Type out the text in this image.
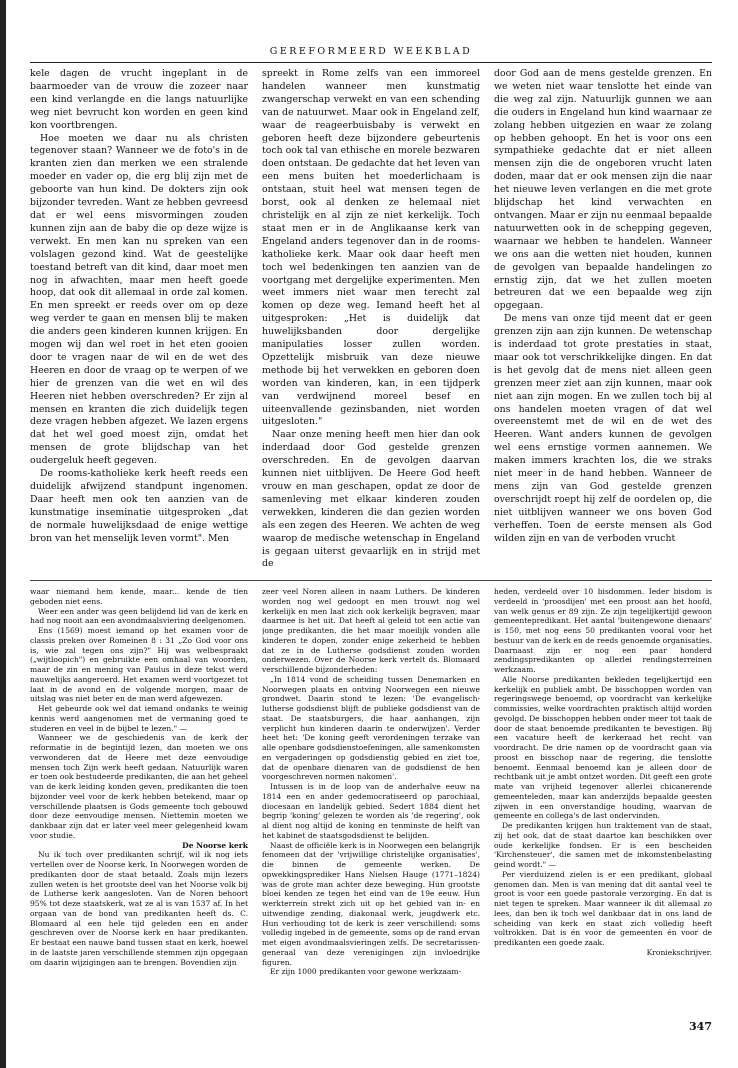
GEREFORMEERD WEEKBLAD

kele dagen de vrucht ingeplant in de baarmoeder van de vrouw die zozeer naar een kind verlangde en die langs natuurlijke weg niet bevrucht kon worden en geen kind kon voortbrengen.

Hoe moeten we daar nu als christen tegenover staan? Wanneer we de foto's in de kranten zien dan merken we een stralende moeder en vader op, die erg blij zijn met de geboorte van hun kind. De dokters zijn ook bijzonder tevreden. Want ze hebben gevreesd dat er wel eens misvormingen zouden kunnen zijn aan de baby die op deze wijze is verwekt. En men kan nu spreken van een volslagen gezond kind. Wat de geestelijke toestand betreft van dit kind, daar moet men nog in afwachten, maar men heeft goede hoop, dat ook dit allemaal in orde zal komen. En men spreekt er reeds over om op deze weg verder te gaan en mensen blij te maken die anders geen kinderen kunnen krijgen. En mogen wij dan wel roet in het eten gooien door te vragen naar de wil en de wet des Heeren en door de vraag op te werpen of we hier de grenzen van die wet en wil des Heeren niet hebben overschreden? Er zijn al mensen en kranten die zich duidelijk tegen deze vragen hebben afgezet. We lazen ergens dat het wel goed moest zijn, omdat het mensen de grote blijdschap van het oudergeluk heeft gegeven.

De rooms-katholieke kerk heeft reeds een duidelijk afwijzend standpunt ingenomen. Daar heeft men ook ten aanzien van de kunstmatige inseminatie uitgesproken „dat de normale huwelijksdaad de enige wettige bron van het menselijk leven vormt". Men

spreekt in Rome zelfs van een immoreel handelen wanneer men kunstmatig zwangerschap verwekt en van een schending van de natuurwet. Maar ook in Engeland zelf, waar de reageerbuisbaby is verwekt en geboren heeft deze bijzondere gebeurtenis toch ook tal van ethische en morele bezwaren doen ontstaan. De gedachte dat het leven van een mens buiten het moederlichaam is ontstaan, stuit heel wat mensen tegen de borst, ook al denken ze helemaal niet christelijk en al zijn ze niet kerkelijk. Toch staat men er in de Anglikaanse kerk van Engeland anders tegenover dan in de rooms-katholieke kerk. Maar ook daar heeft men toch wel bedenkingen ten aanzien van de voortgang met dergelijke experimenten. Men weet immers niet waar men terecht zal komen op deze weg. Iemand heeft het al uitgesproken: „Het is duidelijk dat huwelijksbanden door dergelijke manipulaties losser zullen worden. Opzettelijk misbruik van deze nieuwe methode bij het verwekken en geboren doen worden van kinderen, kan, in een tijdperk van verdwijnend moreel besef en uiteenvallende gezinsbanden, niet worden uitgesloten."

Naar onze mening heeft men hier dan ook inderdaad door God gestelde grenzen overschreden. En de gevolgen daarvan kunnen niet uitblijven. De Heere God heeft vrouw en man geschapen, opdat ze door de samenleving met elkaar kinderen zouden verwekken, kinderen die dan gezien worden als een zegen des Heeren. We achten de weg waarop de medische wetenschap in Engeland is gegaan uiterst gevaarlijk en in strijd met de

door God aan de mens gestelde grenzen. En we weten niet waar tenslotte het einde van die weg zal zijn. Natuurlijk gunnen we aan die ouders in Engeland hun kind waarnaar ze zolang hebben uitgezien en waar ze zolang op hebben gehoopt. En het is voor ons een sympathieke gedachte dat er niet alleen mensen zijn die de ongeboren vrucht laten doden, maar dat er ook mensen zijn die naar het nieuwe leven verlangen en die met grote blijdschap het kind verwachten en ontvangen. Maar er zijn nu eenmaal bepaalde natuurwetten ook in de schepping gegeven, waarnaar we hebben te handelen. Wanneer we ons aan die wetten niet houden, kunnen de gevolgen van bepaalde handelingen zo ernstig zijn, dat we het zullen moeten betreuren dat we een bepaalde weg zijn opgegaan.

De mens van onze tijd meent dat er geen grenzen zijn aan zijn kunnen. De wetenschap is inderdaad tot grote prestaties in staat, maar ook tot verschrikkelijke dingen. En dat is het gevolg dat de mens niet alleen geen grenzen meer ziet aan zijn kunnen, maar ook niet aan zijn mogen. En we zullen toch bij al ons handelen moeten vragen of dat wel overeenstemt met de wil en de wet des Heeren. Want anders kunnen de gevolgen wel eens ernstige vormen aannemen. We maken immers krachten los, die we straks niet meer in de hand hebben. Wanneer de mens zijn van God gestelde grenzen overschrijdt roept hij zelf de oordelen op, die niet uitblijven wanneer we ons boven God verheffen. Toen de eerste mensen als God wilden zijn en van de verboden vrucht

waar niemand hem kende, maar... kende de tien geboden niet eens.

Weer een ander was geen belijdend lid van de kerk en had nog nooit aan een avondmaalsviering deelgenomen.

Ens (1569) moest iemand op het examen voor de classis preken over Romeinen 8 : 31 „Zo God voor ons is, wie zal tegen ons zijn?" Hij was welbespraakt („wijtloopich") en gebruikte een omhaal van woorden, maar de zin en mening van Paulus in deze tekst werd nauwelijks aangeroerd. Het examen werd voortgezet tot laat in de avond en de volgende morgen, maar de uitslag was niet beter en de man werd afgewezen.

Het gebeurde ook wel dat iemand ondanks te weinig kennis werd aangenomen met de vermaning goed te studeren en veel in de bijbel te lezen." —

Wanneer we de geschiedenis van de kerk der reformatie in de begintijd lezen, dan moeten we ons verwonderen dat de Heere met deze eenvoudige mensen toch Zijn werk heeft gedaan. Natuurlijk waren er toen ook bestudeerde predikanten, die aan het geheel van de kerk leiding konden geven, predikanten die toen bijzonder veel voor de kerk hebben betekend, maar op verschillende plaatsen is Gods gemeente toch gebouwd door deze eenvoudige mensen. Niettemin moeten we dankbaar zijn dat er later veel meer gelegenheid kwam voor studie.

De Noorse kerk

Nu ik toch over predikanten schrijf, wil ik nog iets vertellen over de Noorse kerk. In Noorwegen worden de predikanten door de staat betaald. Zoals mijn lezers zullen weten is het grootste deel van het Noorse volk bij de Lutherse kerk aangesloten. Van de Noren behoort 95% tot deze staatskerk, wat ze al is van 1537 af. In het orgaan van de bond van predikanten heeft ds. C. Blomaard al een hele tijd geleden een en ander geschreven over de Noorse kerk en haar predikanten. Er bestaat een nauwe band tussen staat en kerk, hoewel in de laatste jaren verschillende stemmen zijn opgegaan om daarin wijzigingen aan te brengen. Bovendien zijn

zeer veel Noren alleen in naam Luthers. De kinderen worden nog wel gedoopt en men trouwt nog wel kerkelijk en men laat zich ook kerkelijk begraven, maar daarmee is het uit. Dat heeft al geleid tot een actie van jonge predikanten, die het maar moeilijk vonden alle kinderen te dopen, zonder enige zekerheid te hebben dat ze in de Lutherse godsdienst zouden worden onderwezen. Over de Noorse kerk vertelt ds. Blomaard verschillende bijzonderheden:

„In 1814 vond de scheiding tussen Denemarken en Noorwegen plaats en ontving Noorwegen een nieuwe grondwet. Daarin stond te lezen: 'De evangelisch-lutherse godsdienst blijft de publieke godsdienst van de staat. De staatsburgers, die haar aanhangen, zijn verplicht hun kinderen daarin te onderwijzen'. Verder heet het: 'De koning geeft verordeningen terzake van alle openbare godsdienstoefeningen, alle samenkomsten en vergaderingen op godsdienstig gebied en ziet toe, dat de openbare dienaren van de godsdienst de hen voorgeschreven normen nakomen'.

Intussen is in de loop van de anderhalve eeuw na 1814 een en ander gedemocratiseerd op parochiaal, diocesaan en landelijk gebied. Sedert 1884 dient het begrip 'koning' gelezen te worden als 'de regering', ook al dient nog altijd de koning en tenminste de helft van het kabinet de staatsgodsdienst te belijden.

Naast de officiële kerk is in Noorwegen een belangrijk fenomeen dat der 'vrijwillige christelijke organisaties', die binnen de gemeente werken. De opwekkingsprediker Hans Nielsen Hauge (1771–1824) was de grote man achter deze beweging. Hun grootste bloei kenden ze tegen het eind van de 19e eeuw. Hun werkterrein strekt zich uit op het gebied van in- en uitwendige zending, diakonaal werk, jeugdwerk etc. Hun verhouding tot de kerk is zeer verschillend: soms volledig ingebed in de gemeente, soms op de rand ervan met eigen avondmaalsvieringen zelfs. De secretarissen-generaal van deze verenigingen zijn invloedrijke figuren.

Er zijn 1000 predikanten voor gewone werkzaam-

heden, verdeeld over 10 bisdommen. Ieder bisdom is verdeeld in 'proosdijen' met een proost aan het hoofd, van welk genus er 89 zijn. Ze zijn tegelijkertijd gewoon gemeentepredikant. Het aantal 'buitengewone dienaars' is 150, met nog eens 50 predikanten vooral voor het bestuur van de kerk en de reeds genoemde organisaties. Daarnaast zijn er nog een paar honderd zendingspredikanten op allerlei rendingsterreinen werkzaam.

Alle Noorse predikanten bekleden tegelijkertijd een kerkelijk en publiek ambt. De bisschoppen worden van regeringswege benoemd, op voordracht van kerkelijke commissies, welke voordrachten praktisch altijd worden gevolgd. De bisschoppen hebben onder meer tot taak de door de staat benoemde predikanten te bevestigen. Bij een vacature heeft de kerkeraad het recht van voordracht. De drie namen op de voordracht gaan via proost en bisschop naar de regering, die tenslotte benoemt. Eenmaal benoemd kan je alleen door de rechtbank uit je ambt ontzet worden. Dit geeft een grote mate van vrijheid tegenover allerlei chicanerende gemeenteleden, maar kan anderzijds bepaalde geesten zijwen in een onverstandige houding, waarvan de gemeente en collega's de last ondervinden.

De predikanten krijgen hun traktement van de staat, zij het ook, dat de staat daartoe kan beschikken over oude kerkelijke fondsen. Er is een bescheiden 'Kirchensteuer', die samen met de inkomstenbelasting geind wordt." —

Per vierduizend zielen is er een predikant, globaal genomen dan. Men is van mening dat dit aantal veel te groot is voor een goede pastorale verzorging. En dat is niet tegen te spreken. Maar wanneer ik dit allemaal zo lees, dan ben ik toch wel dankbaar dat in ons land de scheiding van kerk en staat zich volledig heeft voltrokken. Dat is én voor de gemeenten én voor de predikanten een goede zaak.

Kroniekschrijver.

347
